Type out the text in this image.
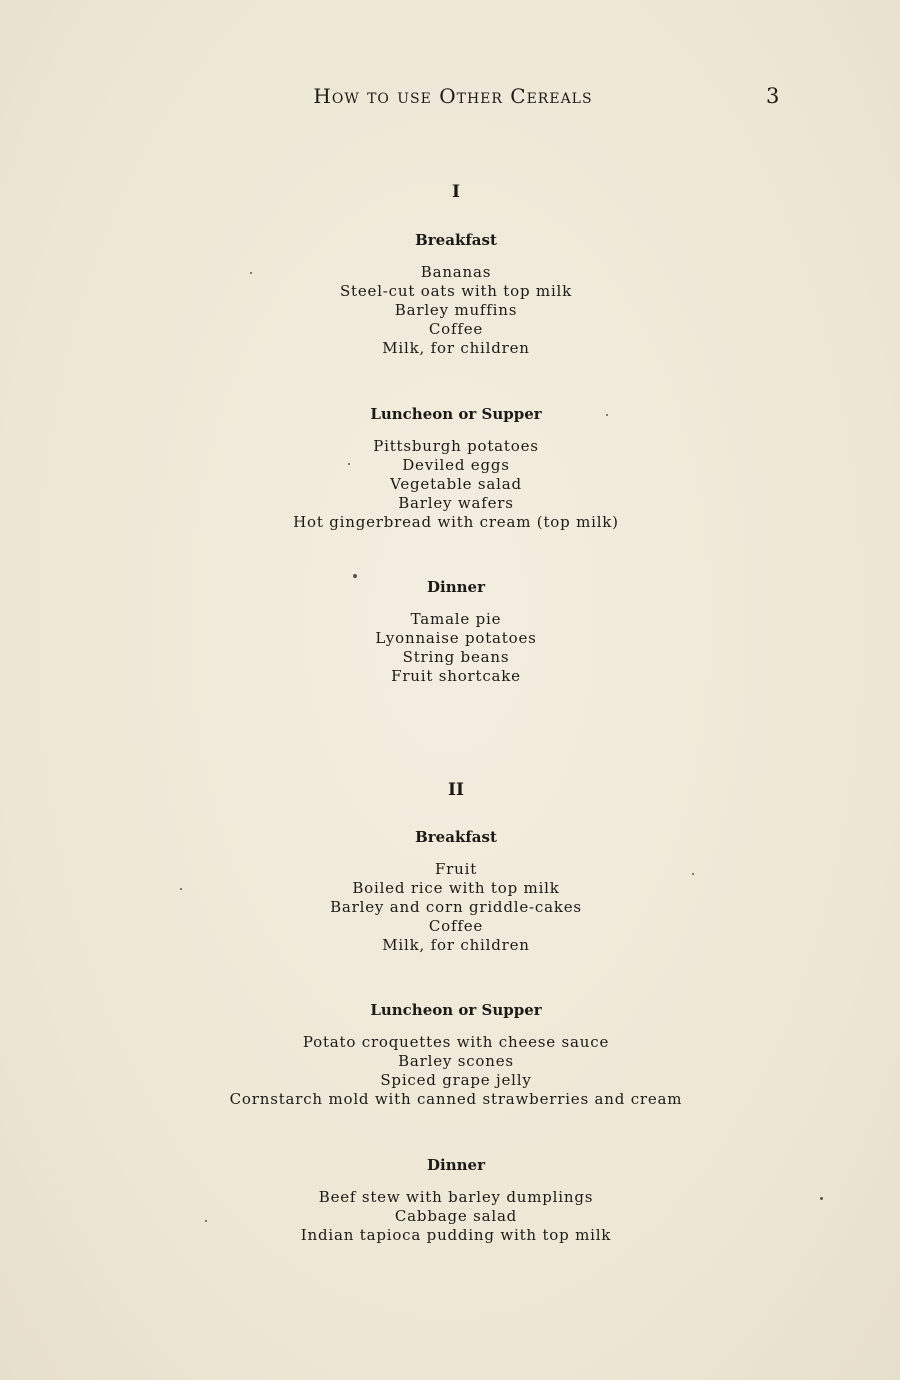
How to use Other Cereals	3

I

Breakfast

Bananas
Steel-cut oats with top milk
Barley muffins
Coffee
Milk, for children

Luncheon or Supper

Pittsburgh potatoes
Deviled eggs
Vegetable salad
Barley wafers
Hot gingerbread with cream (top milk)

Dinner

Tamale pie
Lyonnaise potatoes
String beans
Fruit shortcake

II

Breakfast

Fruit
Boiled rice with top milk
Barley and corn griddle-cakes
Coffee
Milk, for children

Luncheon or Supper

Potato croquettes with cheese sauce
Barley scones
Spiced grape jelly
Cornstarch mold with canned strawberries and cream

Dinner

Beef stew with barley dumplings
Cabbage salad
Indian tapioca pudding with top milk
